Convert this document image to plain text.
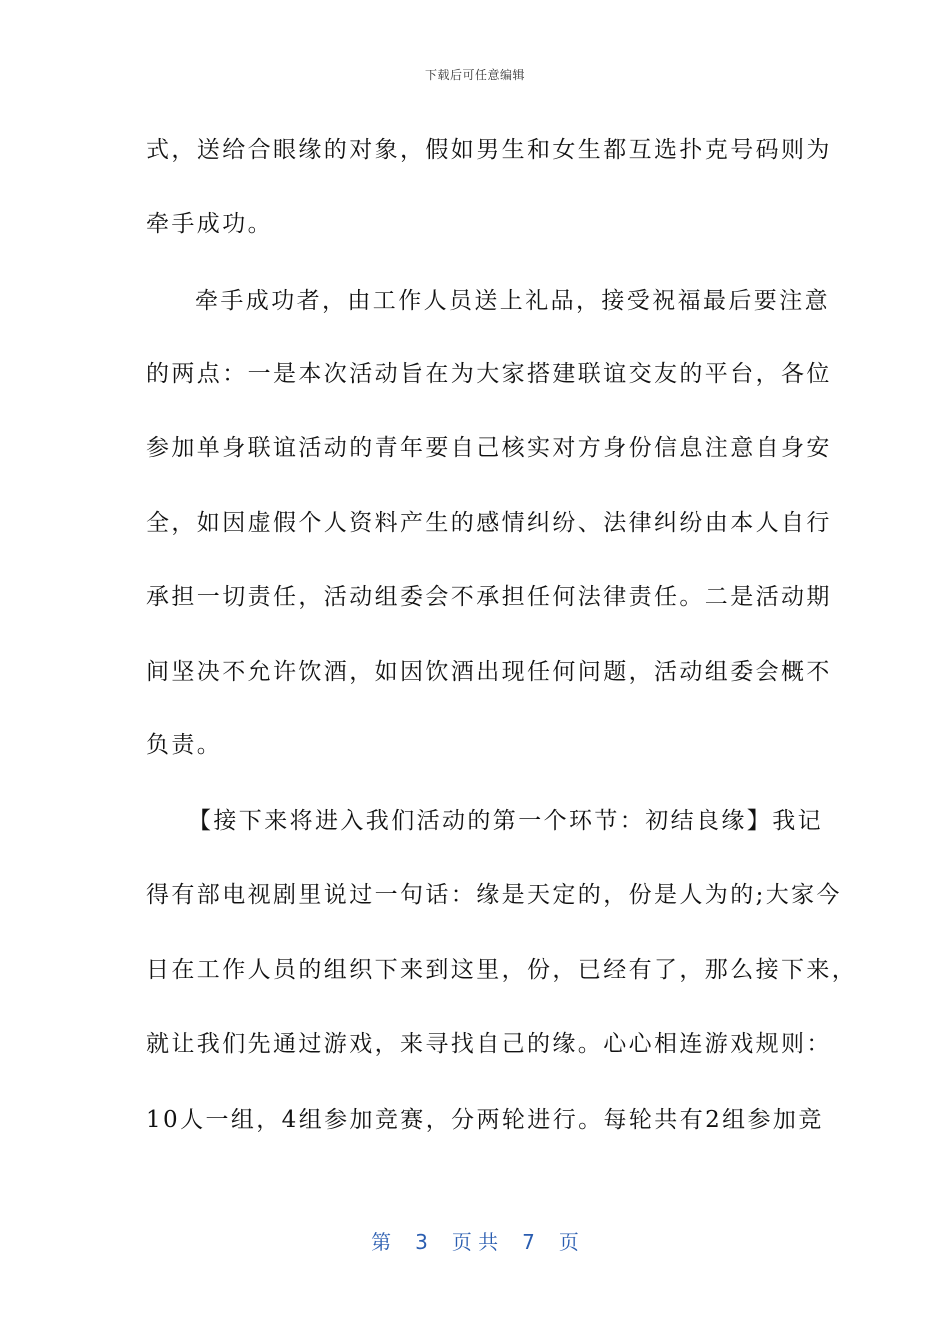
下载后可任意编辑
式，送给合眼缘的对象，假如男生和女生都互选扑克号码则为
牵手成功。
牵手成功者，由工作人员送上礼品，接受祝福最后要注意
的两点：一是本次活动旨在为大家搭建联谊交友的平台，各位
参加单身联谊活动的青年要自己核实对方身份信息注意自身安
全，如因虚假个人资料产生的感情纠纷、法律纠纷由本人自行
承担一切责任，活动组委会不承担任何法律责任。二是活动期
间坚决不允许饮酒，如因饮酒出现任何问题，活动组委会概不
负责。
【接下来将进入我们活动的第一个环节：初结良缘】我记
得有部电视剧里说过一句话：缘是天定的，份是人为的;大家今
日在工作人员的组织下来到这里，份，已经有了，那么接下来，
就让我们先通过游戏，来寻找自己的缘。心心相连游戏规则：
10人一组，4组参加竞赛，分两轮进行。每轮共有2组参加竞
第 3 页 共 7 页
